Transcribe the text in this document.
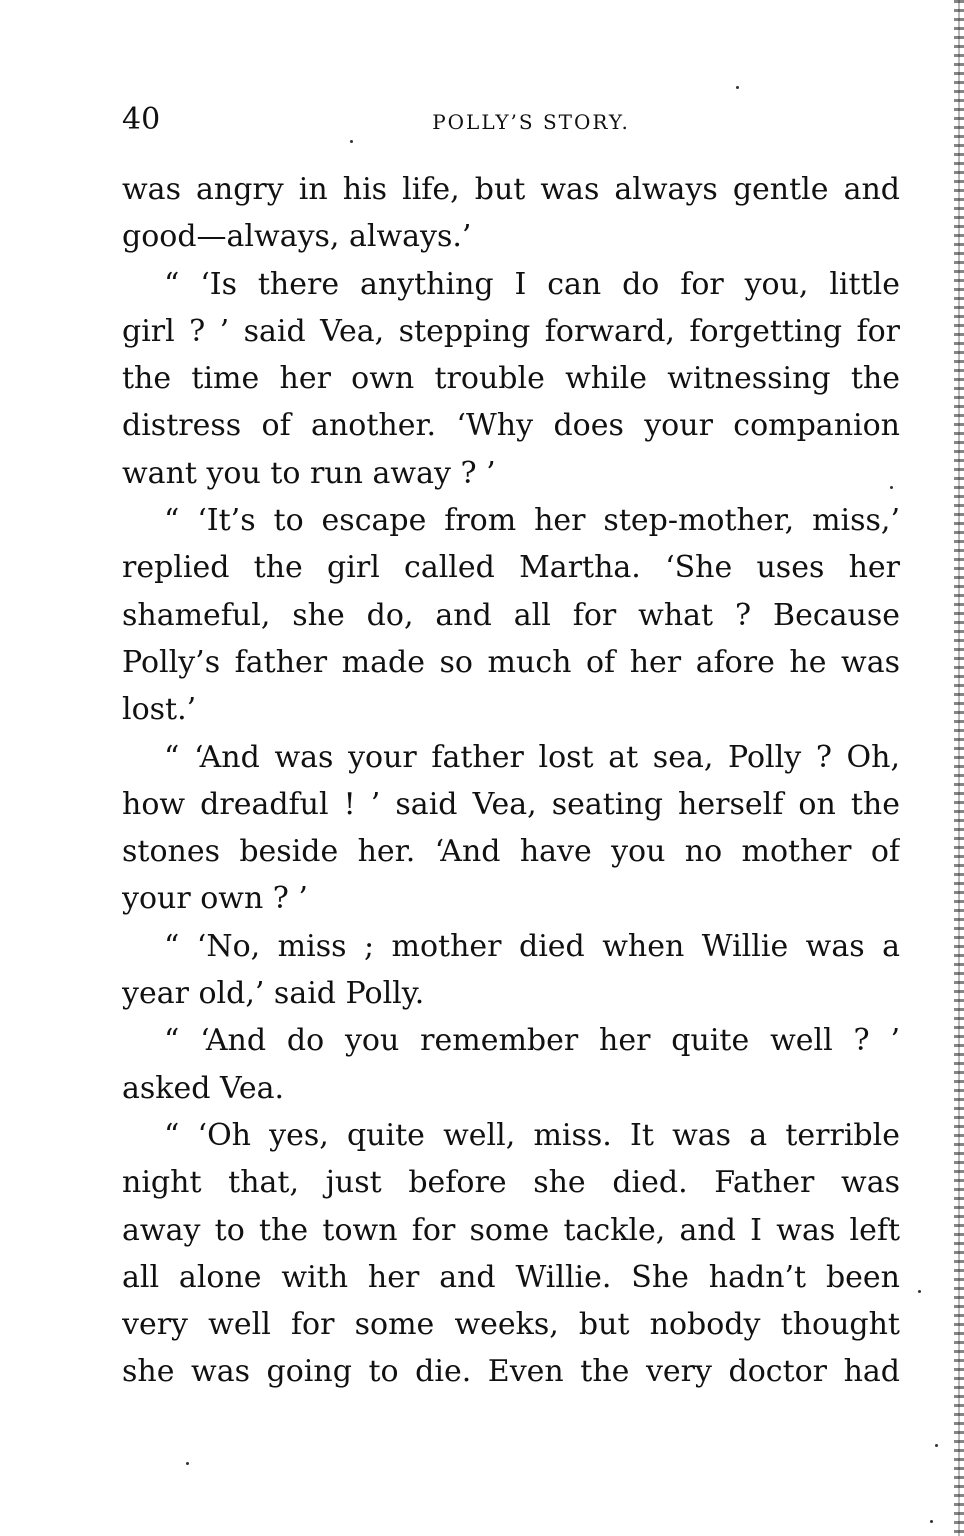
40	POLLY’S STORY.
was angry in his life, but was always gentle and
good—always, always.’
“ ‘Is there anything I can do for you, little
girl ? ’ said Vea, stepping forward, forgetting for
the time her own trouble while witnessing the
distress of another. ‘Why does your companion
want you to run away ? ’
“ ‘It’s to escape from her step-mother, miss,’
replied the girl called Martha. ‘She uses her
shameful, she do, and all for what ? Because
Polly’s father made so much of her afore he was
lost.’
“ ‘And was your father lost at sea, Polly ? Oh,
how dreadful ! ’ said Vea, seating herself on the
stones beside her. ‘And have you no mother of
your own ? ’
“ ‘No, miss ; mother died when Willie was a
year old,’ said Polly.
“ ‘And do you remember her quite well ? ’
asked Vea.
“ ‘Oh yes, quite well, miss. It was a terrible
night that, just before she died. Father was
away to the town for some tackle, and I was left
all alone with her and Willie. She hadn’t been
very well for some weeks, but nobody thought
she was going to die. Even the very doctor had
